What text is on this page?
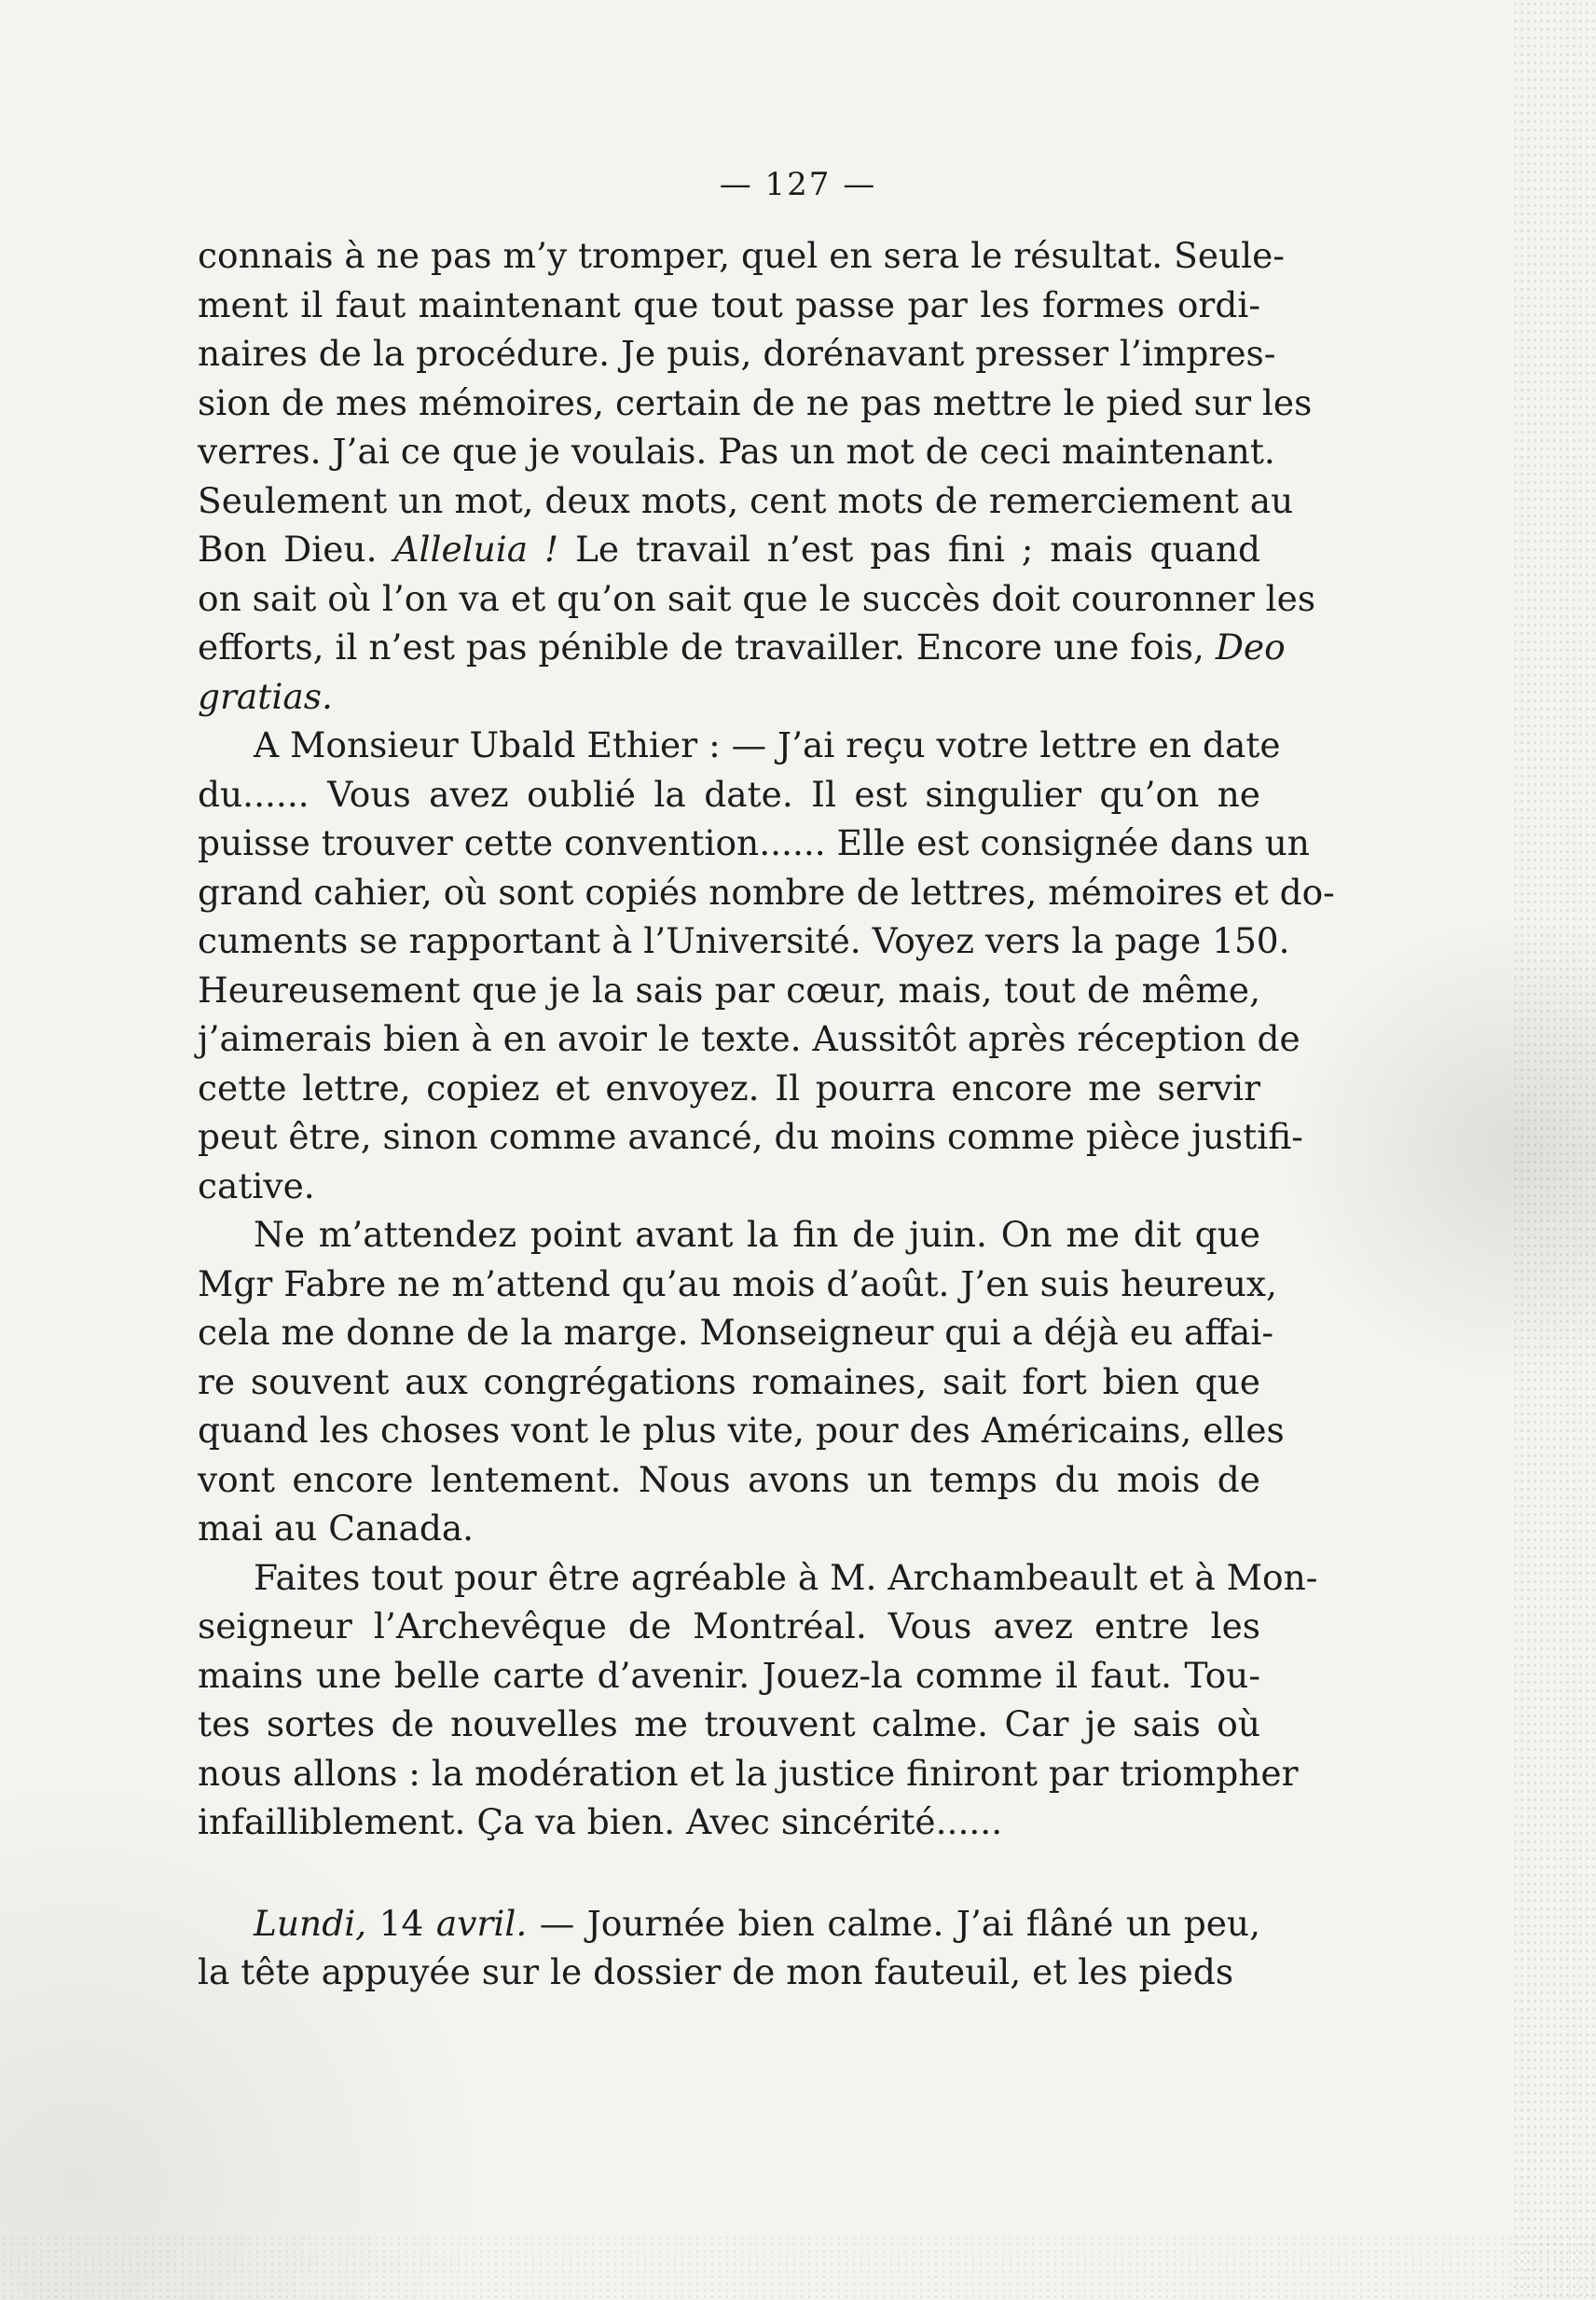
— 127 —

connais à ne pas m’y tromper, quel en sera le résultat. Seule-
ment il faut maintenant que tout passe par les formes ordi-
naires de la procédure. Je puis, dorénavant presser l’impres-
sion de mes mémoires, certain de ne pas mettre le pied sur les
verres. J’ai ce que je voulais. Pas un mot de ceci maintenant.
Seulement un mot, deux mots, cent mots de remerciement au
Bon Dieu. Alleluia ! Le travail n’est pas fini ; mais quand
on sait où l’on va et qu’on sait que le succès doit couronner les
efforts, il n’est pas pénible de travailler. Encore une fois, Deo
gratias.

A Monsieur Ubald Ethier : — J’ai reçu votre lettre en date
du...... Vous avez oublié la date. Il est singulier qu’on ne
puisse trouver cette convention...... Elle est consignée dans un
grand cahier, où sont copiés nombre de lettres, mémoires et do-
cuments se rapportant à l’Université. Voyez vers la page 150.
Heureusement que je la sais par cœur, mais, tout de même,
j’aimerais bien à en avoir le texte. Aussitôt après réception de
cette lettre, copiez et envoyez. Il pourra encore me servir
peut être, sinon comme avancé, du moins comme pièce justifi-
cative.

Ne m’attendez point avant la fin de juin. On me dit que
Mgr Fabre ne m’attend qu’au mois d’août. J’en suis heureux,
cela me donne de la marge. Monseigneur qui a déjà eu affai-
re souvent aux congrégations romaines, sait fort bien que
quand les choses vont le plus vite, pour des Américains, elles
vont encore lentement. Nous avons un temps du mois de
mai au Canada.

Faites tout pour être agréable à M. Archambeault et à Mon-
seigneur l’Archevêque de Montréal. Vous avez entre les
mains une belle carte d’avenir. Jouez-la comme il faut. Tou-
tes sortes de nouvelles me trouvent calme. Car je sais où
nous allons : la modération et la justice finiront par triompher
infailliblement. Ça va bien. Avec sincérité......

Lundi, 14 avril. — Journée bien calme. J’ai flâné un peu,
la tête appuyée sur le dossier de mon fauteuil, et les pieds
